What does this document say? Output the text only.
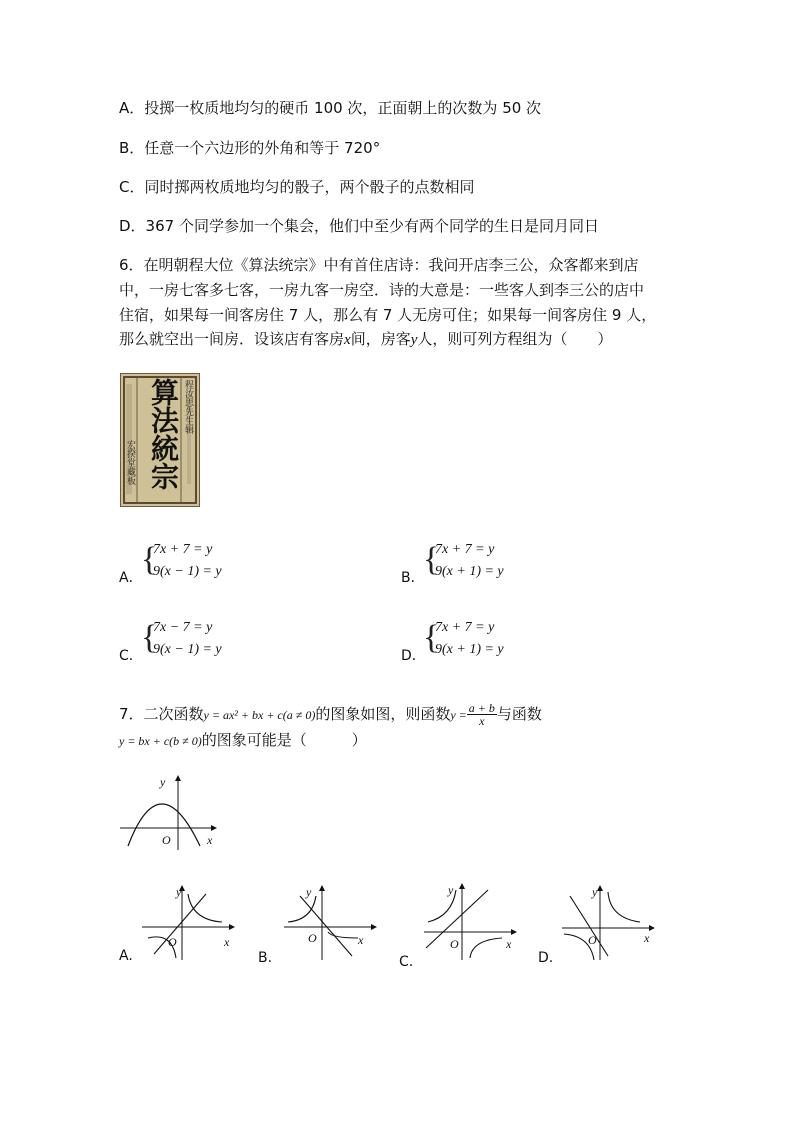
A．投掷一枚质地均匀的硬币 100 次，正面朝上的次数为 50 次
B．任意一个六边形的外角和等于 720°
C．同时掷两枚质地均匀的骰子，两个骰子的点数相同
D．367 个同学参加一个集会，他们中至少有两个同学的生日是同月同日
6．在明朝程大位《算法统宗》中有首住店诗：我问开店李三公，众客都来到店
中，一房七客多七客，一房九客一房空．诗的大意是：一些客人到李三公的店中
住宿，如果每一间客房住 7 人，那么有 7 人无房可住；如果每一间客房住 9 人，
那么就空出一间房．设该店有客房x间，房客y人，则可列方程组为（　　）
算法統宗 程汝思先生辑
宏揆堂藏板
A．
{
7x + 7 = y
9(x − 1) = y	B．
{
7x + 7 = y
9(x + 1) = y
C．
{
7x − 7 = y
9(x − 1) = y	D．
{
7x + 7 = y
9(x + 1) = y
7．二次函数y = ax² + bx + c(a ≠ 0)的图象如图，则函数$y = \frac{a + b}{x}$ 与函数
y = bx + c(b ≠ 0)的图象可能是（　　　）
y
x
O
y
x
O
A.
y
x
O
B.
y
x
O
C.
y
x
O
D.
